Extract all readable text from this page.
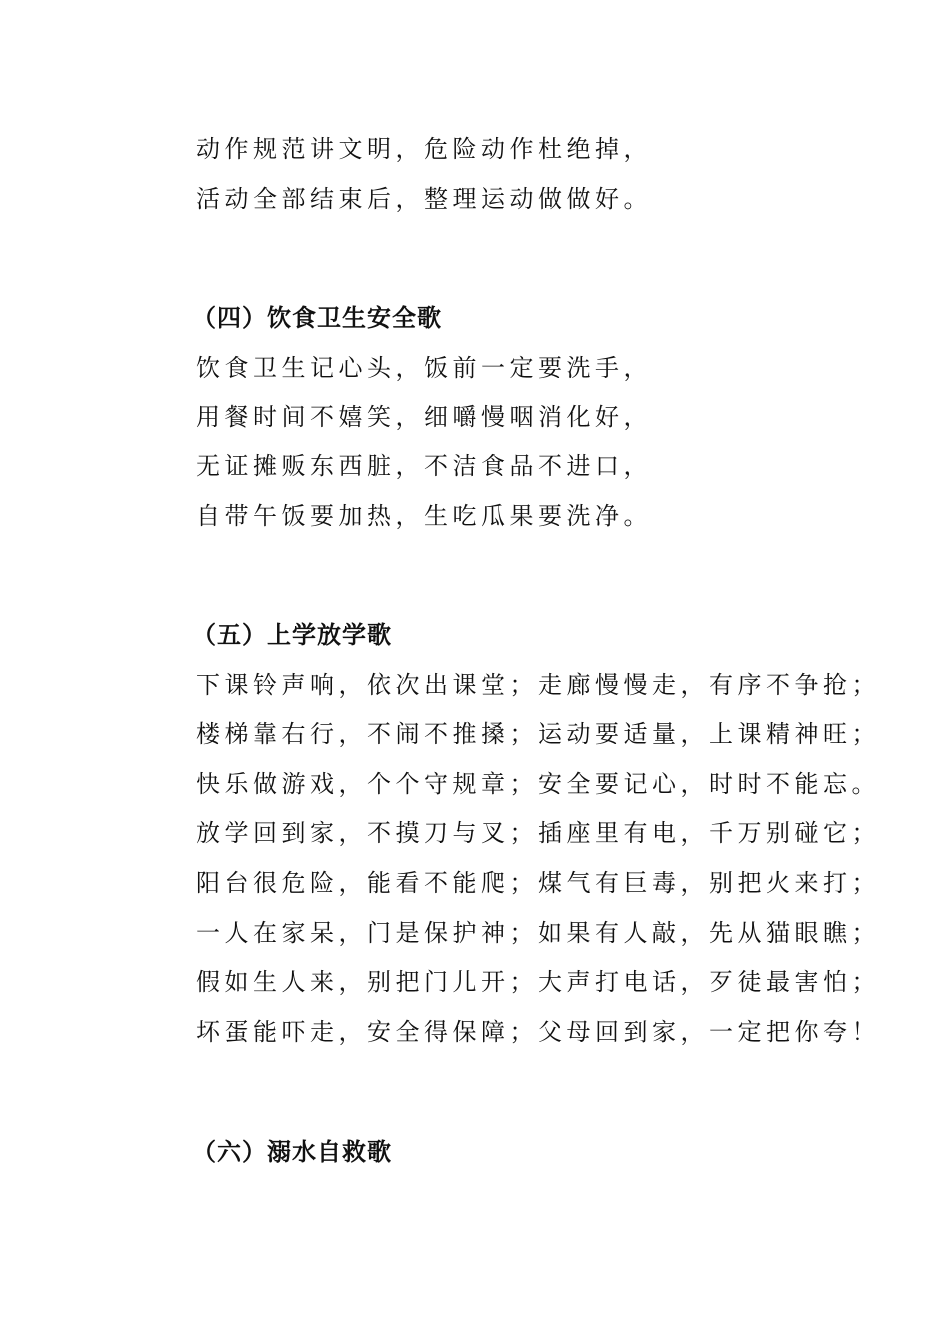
动作规范讲文明，危险动作杜绝掉，
活动全部结束后，整理运动做做好。
（四）饮食卫生安全歌
饮食卫生记心头，饭前一定要洗手，
用餐时间不嬉笑，细嚼慢咽消化好，
无证摊贩东西脏，不洁食品不进口，
自带午饭要加热，生吃瓜果要洗净。
（五）上学放学歌
下课铃声响，依次出课堂；走廊慢慢走，有序不争抢；
楼梯靠右行，不闹不推搡；运动要适量，上课精神旺；
快乐做游戏，个个守规章；安全要记心，时时不能忘。
放学回到家，不摸刀与叉；插座里有电，千万别碰它；
阳台很危险，能看不能爬；煤气有巨毒，别把火来打；
一人在家呆，门是保护神；如果有人敲，先从猫眼瞧；
假如生人来，别把门儿开；大声打电话，歹徒最害怕；
坏蛋能吓走，安全得保障；父母回到家，一定把你夸！
（六）溺水自救歌
